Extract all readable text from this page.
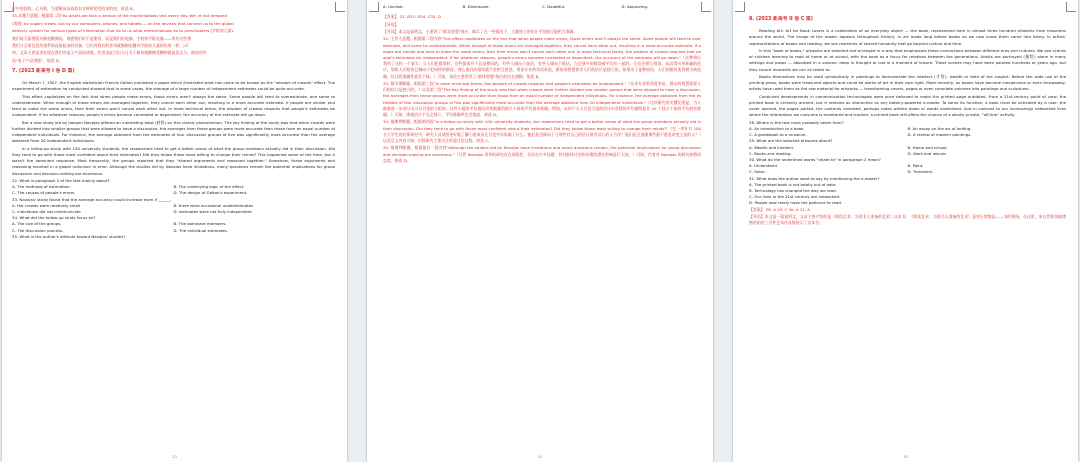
行中的回的。乙句则，当要顺该该看似有方映所的受的来的由，故选 B。
35.本题大意题。根据第二段"As adults we face a version of the marshmallows test every day. We' re not tempted
(诱惑) by sugary treats, but by our computers, phones, and tablets — all the devices that connect us to the global
delivery system for various types of information that do to us what marshmallows do to preschoolers (学龄前儿童).
我们每天都要面对棉花糖测试。诱惑我们的不是甜食，而是我们的电脑、手机和平板电脑——所有这些将
我们与全球信息传递系统连接起来的设备，它们对我们的作用就像棉花糖对学龄前儿童的作用一样。)可
知，文章主要是讲在现在我们对电子产品的诱惑，作者由此引出今日关于如何抵御棉花糖和提高意志力，故选项中
选"电子产品诱惑"，故选 D。
7. (2023 新高考 I 卷 D 篇)
On March 7, 1907, the English statistician Francis Galton published a paper which illustrated what has come to be known as the "wisdom of crowds" effect. The experiment of estimation he conducted showed that in some cases, the average of a large number of independent estimates could be quite accurate.
This effect capitalizes on the fact that when people make errors, those errors aren't always the same. Some people will tend to overestimate, and some to underestimate. When enough of these errors are averaged together, they cancel each other out, resulting in a more accurate estimate. If people are similar and tend to make the same errors, then their errors won't cancel each other out. In more technical terms, the wisdom of crowds requires that people's estimates be independent. If for whatever reasons, people's errors become correlated or dependent, the accuracy of the estimate will go down.
But a new study led by Joaquin Navajas offered an interesting twist (转折) on this classic phenomenon. The key finding of the study was that when crowds were further divided into smaller groups that were allowed to have a discussion, the averages from these groups were more accurate than those from an equal number of independent individuals. For instance, the average obtained from the estimates of four discussion groups of five was significantly more accurate than the average obtained from 20 independent individuals.
In a follow-up study with 100 university students, the researchers tried to get a better sense of what the group members actually did in their discussion. Did they tend to go with those most confident about their estimates? Did they follow those least willing to change their minds? This happened some of the time, but it wasn't the dominant response. Most frequently, the groups reported that they "shared arguments and reasoned together." Somehow, these arguments and reasoning resulted in a global reduction in error. Although the studies led by Navajas have limitations, many questions remain the potential implications for group discussion and decision-making are enormous.
32. What is paragraph 2 of the text mainly about?
A. The methods of estimation.	B. The underlying logic of the effect.
C. The causes of people's errors.	D. The design of Galton's experiment.
33. Navajas' study found that the average accuracy could increase even if ______.
A. the crowds were relatively small	B. there were occasional underestimates
C. individuals did not communicate	D. estimates were not fully independent
34. What did the follow-up study focus on?
A. The size of the groups.	B. The dominant members.
C. The discussion process.	D. The individual estimates.
35. What is the author's attitude toward Navajas' studies?
13
A. Unclear.	B. Dismissive.	C. Doubtful.	D. Approving.
【答案】 32. B33. D34. C35. D
【导语】
【导读】本文是说明文，主要讲了"群众智慧"效应，揭示了在一些情况下，大量独立的估计平均值可能相当准确。
32. 主旨大意题。根据第二段内容"This effect capitalizes on the fact that when people make errors, those errors aren't always the same. Some people will tend to overestimate, and some to underestimate. When enough of these errors are averaged together, they cancel each other out, resulting in a more accurate estimate. If people are similar and tend to make the same errors, then their errors won't cancel each other out. In more technical terms, the wisdom of crowds requires that people's estimates be independent. If for whatever reasons, people's errors become correlated or dependent, the accuracy of the estimate will go down."（这种效应利用了这样一个事实：当人们犯错误时，这些错误并不总是相同的。有些人倾向于高估，有些人倾向于低估。当足够多的错误被平均在一起时，它们会相互抵消，从而得出更准确的估计。如果人们相似且倾向于犯同样的错误，那么他们的错误就不会相互抵消。用更专业的术语来说，群体的智慧要求人们的估计是独立的。如果出于某种原因，人们的错误变得相关或依赖，估计的准确性就会下降。）可知，本段主要讲述了"群体智慧"效应的内在逻辑，故选 B。
33. 细节理解题。根据第三段"In more technical terms, the wisdom of crowds requires that people's estimates be independent."（从更专业的角度来说，群众的智慧需要人们的估计是独立的。）以及第三段"The key finding of the study was that when crowds were further divided into smaller groups that were allowed to have a discussion, the averages from these groups were more accurate than those from an equal number of independent individuals. For instance, the average obtained from the estimates of four discussion groups of five was significantly more accurate than the average obtained from 20 independent individuals."（这项研究的关键发现是，当人群被进一步划分为可以讨论的小组时，这些小组的平均值比同等数量的独立个体的平均值更准确。例如，从四个五人讨论小组的估计中获得的平均值明显比 20 个独立个体的平均值更准确。）可知，即使估计不完全独立，平均准确率也会提高，故选 D。
34. 推理判断题。根据第四段"In a follow-up study with 100 university students, the researchers tried to get a better sense of what the group members actually did in their discussion. Did they tend to go with those most confident about their estimates? Did they follow those least willing to change their minds?"（在一项针对 100 名大学生的后续研究中，研究人员试图更好地了解小组成员在讨论中实际做了什么。他们是否倾向于与那些对自己的估计最有信心的人合作？他们是否追随那些最不愿意改变主意的人？）以及后文内容可知，后续研究主要关注的是讨论过程，故选 C。
35. 推理判断题。根据最后一段内容"Although the studies led by Navajas have limitations and many questions remain, the potential implications for group discussion and decision-making are enormous."（尽管 Navajas 领导的研究存在局限性，仍存在许多问题，但对群体讨论和决策的潜在影响是巨大的。）可知，作者对 Navajas 的研究持赞同态度，故选 D。
14
8. (2023 新高考 II 卷 C 篇)
Reading Art: Art for Book Lovers is a celebration of an everyday object — the book, represented here in almost three hundred artworks from museums around the world. The image of the reader appears throughout history, in art made long before books as we now know them came into being. In artists' representations of books and reading, we see moments of shared humanity that go beyond culture and time.
In this "book of books," artworks are selected and arranged in a way that emphasizes these connections between different eras and cultures. We see scenes of children learning to read at home or at school, with the book as a focus for relations between the generations. Adults are portrayed (描绘) alone in many settings and poses — absorbed in a volume, deep in thought or lost in a moment of leisure. These scenes may have been painted hundreds of years ago, but they record moments we can all relate to.
Books themselves may be used symbolically in paintings to demonstrate the intellect (才智), wealth or faith of the subject. Before the wide use of the printing press, books were treasured objects and could be works of art in their own right. More recently, as books have become inexpensive or even throwaway, artists have used them as the raw material for artworks — transforming covers, pages or even complete volumes into paintings and sculptures.
Continued developments in communication technologies were once believed to make the printed page outdated. From a 21st-century point of view, the printed book is certainly ancient, but it remains as interactive as any battery-powered e-reader. To serve its function, a book must be activated by a user: the cover opened, the pages parted, the contents reviewed, perhaps notes written down or words underlined. And in contrast to our increasingly networked lives where the information we consume is monitored and tracked, a printed book still offers the chance of a wholly private, "off-line" activity.
28. Where is the text most probably taken from?
A. An introduction to a book.	B. An essay on the art of writing.
C. A guidebook to a museum.	D. A review of modern paintings.
29. What are the selected artworks about?
A. Wealth and intellect.	B. Home and school.
C. Books and reading.	D. Work and leisure.
30. What do the underlined words "relate to" in paragraph 2 mean?
A. Understand.	B. Paint.
C. Seize.	D. Transform.
31. What does the author want to say by mentioning the e-reader?
A. The printed book is not totally out of date.
B. Technology has changed the way we read.
C. Our lives in the 21st century are networked.
D. People now rarely have the patience to read.
【答案】 28. A 29. C 30. A 31. A
【导语】本文是一篇说明文，文章主要介绍的是《阅读艺术：为爱书人准备的艺术》这本书。《阅读艺术：为爱书人准备的艺术》是对日常物品——书的颂扬，在这里，来自世界各地博物馆的近三百件艺术作品都展示了这本书。
15
